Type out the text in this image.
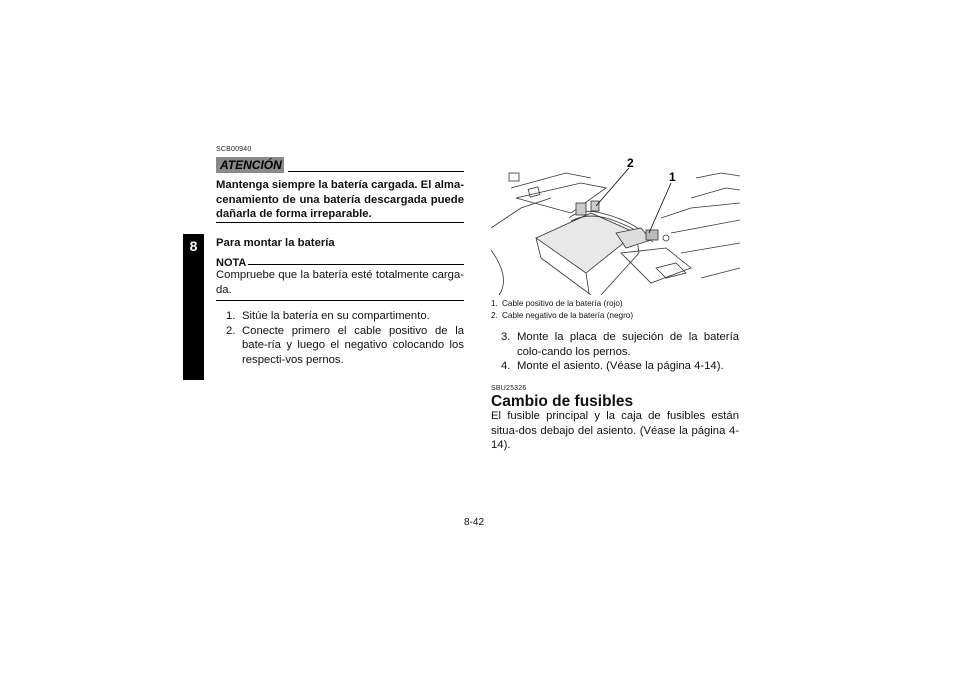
8
SCB00940
ATENCIÓN
Mantenga siempre la batería cargada. El alma-cenamiento de una batería descargada puede dañarla de forma irreparable.
Para montar la batería
NOTA
Compruebe que la batería esté totalmente carga-da.
1. Sitúe la batería en su compartimento.
2. Conecte primero el cable positivo de la bate-ría y luego el negativo colocando los respecti-vos pernos.
2
1
1. Cable positivo de la batería (rojo)
2. Cable negativo de la batería (negro)
3. Monte la placa de sujeción de la batería colo-cando los pernos.
4. Monte el asiento. (Véase la página 4-14).
SBU25326
Cambio de fusibles
El fusible principal y la caja de fusibles están situa-dos debajo del asiento. (Véase la página 4-14).
8-42
